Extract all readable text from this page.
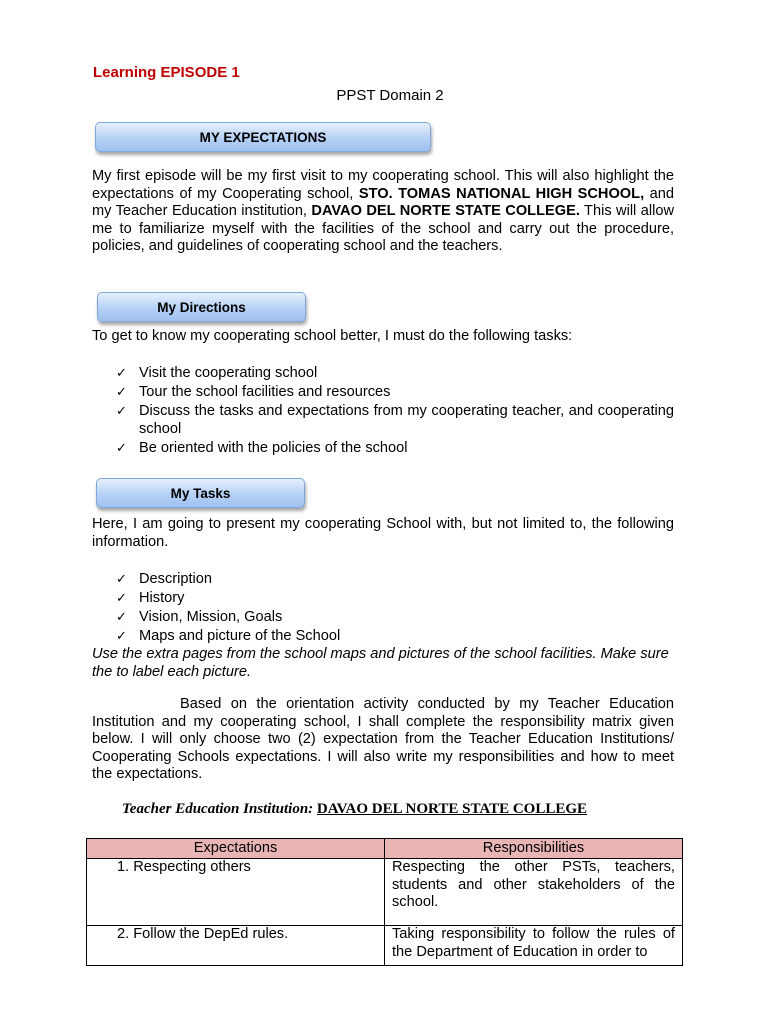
Learning EPISODE 1
PPST Domain 2
MY EXPECTATIONS

My first episode will be my first visit to my cooperating school. This will also highlight the expectations of my Cooperating school, STO. TOMAS NATIONAL HIGH SCHOOL, and my Teacher Education institution, DAVAO DEL NORTE STATE COLLEGE. This will allow me to familiarize myself with the facilities of the school and carry out the procedure, policies, and guidelines of cooperating school and the teachers.

My Directions

To get to know my cooperating school better, I must do the following tasks:

✓ Visit the cooperating school
✓ Tour the school facilities and resources
✓ Discuss the tasks and expectations from my cooperating teacher, and cooperating school
✓ Be oriented with the policies of the school
My Tasks

Here, I am going to present my cooperating School with, but not limited to, the following information.

✓ Description
✓ History
✓ Vision, Mission, Goals
✓ Maps and picture of the School

Use the extra pages from the school maps and pictures of the school facilities. Make sure the to label each picture.

Based on the orientation activity conducted by my Teacher Education Institution and my cooperating school, I shall complete the responsibility matrix given below. I will only choose two (2) expectation from the Teacher Education Institutions/ Cooperating Schools expectations. I will also write my responsibilities and how to meet the expectations.

Teacher Education Institution: DAVAO DEL NORTE STATE COLLEGE
Expectations	Responsibilities
1. Respecting others	Respecting the other PSTs, teachers, students and other stakeholders of the school.
2. Follow the DepEd rules.	Taking responsibility to follow the rules of the Department of Education in order to
